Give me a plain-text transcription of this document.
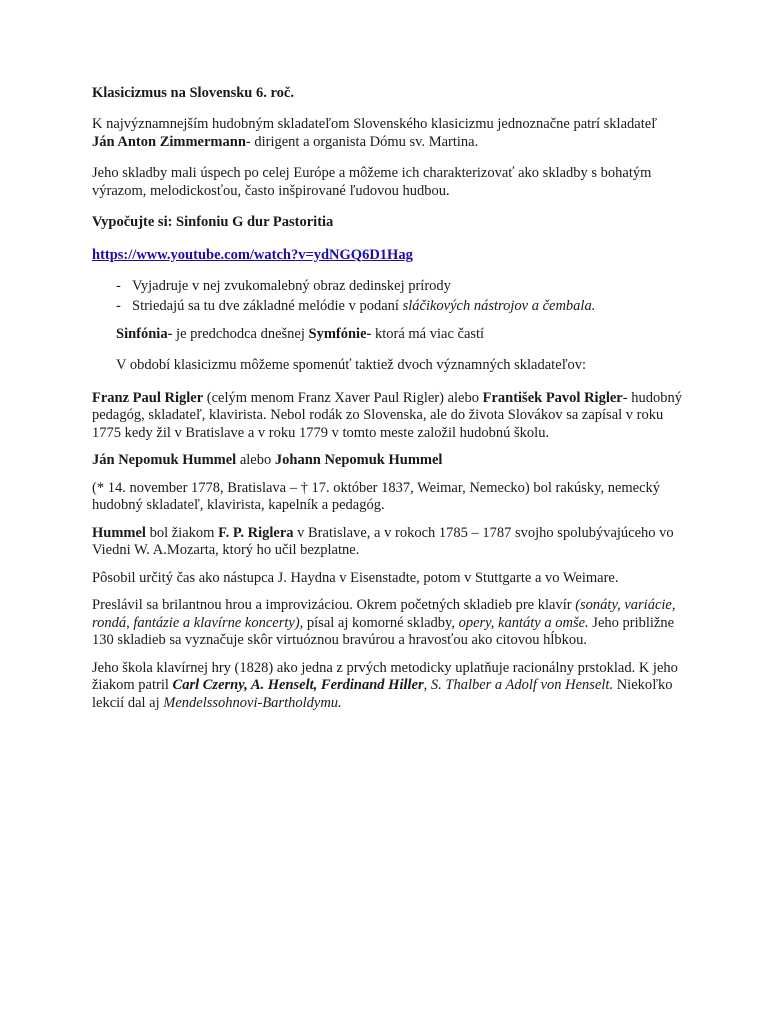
Klasicizmus na Slovensku 6. roč.

K najvýznamnejším hudobným skladateľom Slovenského klasicizmu jednoznačne patrí skladateľ Ján Anton Zimmermann- dirigent a organista Dómu sv. Martina.

Jeho skladby mali úspech po celej Európe a môžeme ich charakterizovať ako skladby s bohatým výrazom, melodickosťou, často inšpirované ľudovou hudbou.

Vypočujte si: Sinfoniu G dur Pastoritia

https://www.youtube.com/watch?v=ydNGQ6D1Hag
- Vyjadruje v nej zvukomalebný obraz dedinskej prírody
- Striedajú sa tu dve základné melódie v podaní sláčikových nástrojov a čembala.

Sinfónia- je predchodca dnešnej Symfónie- ktorá má viac častí

V období klasicizmu môžeme spomenúť taktiež dvoch významných skladateľov:

Franz Paul Rigler (celým menom Franz Xaver Paul Rigler) alebo František Pavol Rigler- hudobný pedagóg, skladateľ, klavirista. Nebol rodák zo Slovenska, ale do života Slovákov sa zapísal v roku 1775 kedy žil v Bratislave a v roku 1779 v tomto meste založil hudobnú školu.

Ján Nepomuk Hummel alebo Johann Nepomuk Hummel

(* 14. november 1778, Bratislava – † 17. október 1837, Weimar, Nemecko) bol rakúsky, nemecký hudobný skladateľ, klavirista, kapelník a pedagóg.

Hummel bol žiakom F. P. Riglera v Bratislave, a v rokoch 1785 – 1787 svojho spolubývajúceho vo Viedni W. A.Mozarta, ktorý ho učil bezplatne.

Pôsobil určitý čas ako nástupca J. Haydna v Eisenstadte, potom v Stuttgarte a vo Weimare.

Preslávil sa brilantnou hrou a improvizáciou. Okrem početných skladieb pre klavír (sonáty, variácie, rondá, fantázie a klavírne koncerty), písal aj komorné skladby, opery, kantáty a omše. Jeho približne 130 skladieb sa vyznačuje skôr virtuóznou bravúrou a hravosťou ako citovou hĺbkou.

Jeho škola klavírnej hry (1828) ako jedna z prvých metodicky uplatňuje racionálny prstoklad. K jeho žiakom patril Carl Czerny, A. Henselt, Ferdinand Hiller, S. Thalber a Adolf von Henselt. Niekoľko lekcií dal aj Mendelssohnovi-Bartholdymu.
